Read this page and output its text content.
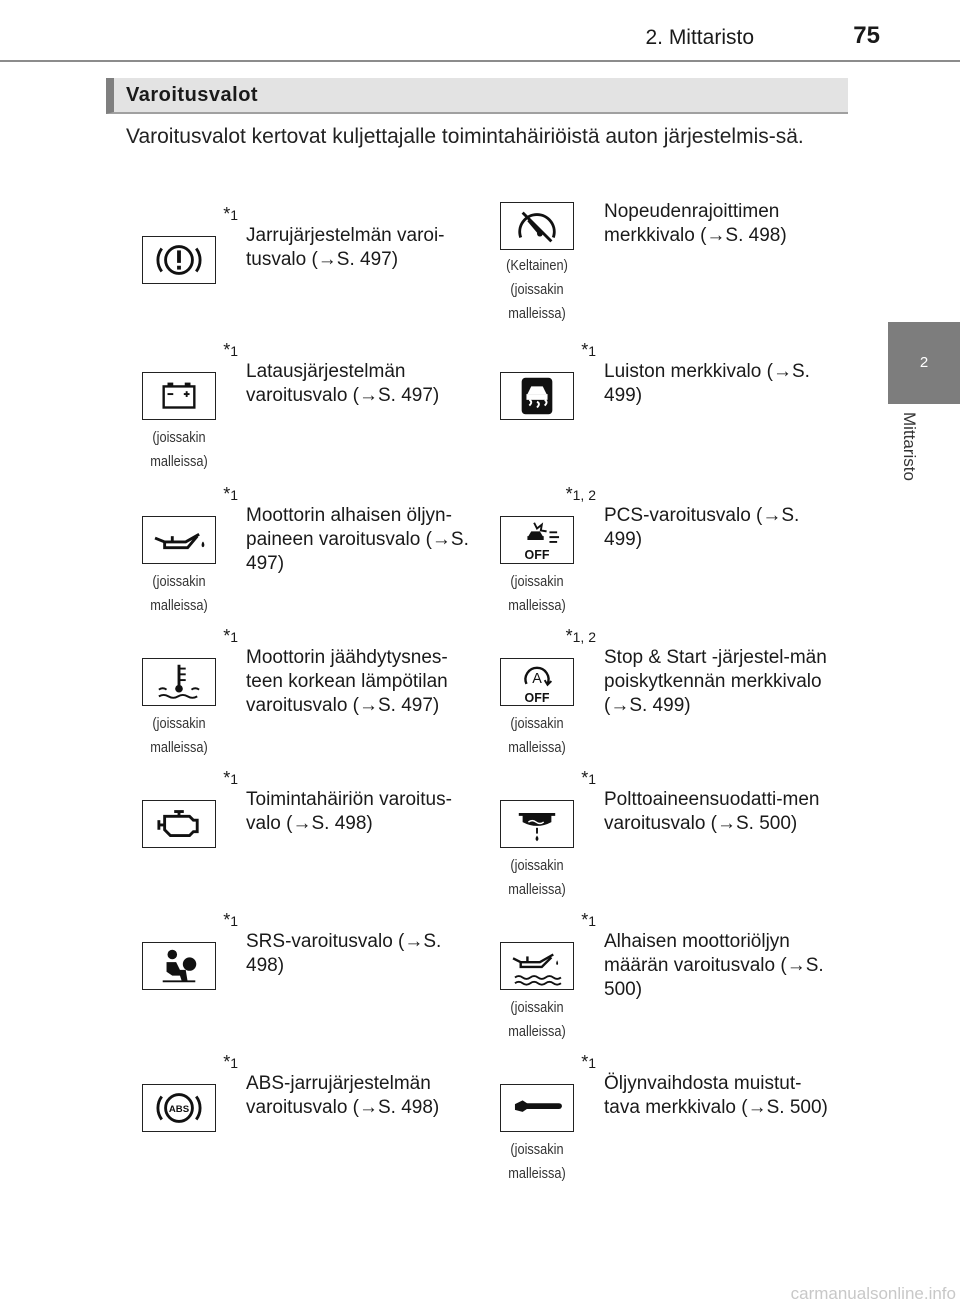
2. Mittaristo	75
2
Mittaristo
Varoitusvalot
Varoitusvalot kertovat kuljettajalle toimintahäiriöistä auton järjestelmis-sä.
*1
Jarrujärjestelmän varoi-tusvalo (→S. 497)	(Keltainen)
(joissakin
malleissa)
Nopeudenrajoittimen merkkivalo (→S. 498)
*1
(joissakin
malleissa)
Latausjärjestelmän varoitusvalo (→S. 497)
*1
Luiston merkkivalo (→S. 499)
*1
(joissakin
malleissa)
Moottorin alhaisen öljyn-paineen varoitusvalo (→S. 497)
*1, 2
OFF
(joissakin
malleissa)
PCS-varoitusvalo (→S. 499)
*1
(joissakin
malleissa)
Moottorin jäähdytysnes-teen korkean lämpötilan varoitusvalo (→S. 497)
*1, 2
A
OFF
(joissakin
malleissa)
Stop & Start -järjestel-män poiskytkennän merkkivalo (→S. 499)
*1
Toimintahäiriön varoitus-valo (→S. 498)
*1
(joissakin
malleissa)
Polttoaineensuodatti-men varoitusvalo (→S. 500)
*1
SRS-varoitusvalo (→S. 498)
*1
(joissakin
malleissa)
Alhaisen moottoriöljyn määrän varoitusvalo (→S. 500)
*1
ABS
ABS-jarrujärjestelmän varoitusvalo (→S. 498)
*1
(joissakin
malleissa)
Öljynvaihdosta muistut-tava merkkivalo (→S. 500)
carmanualsonline.info
